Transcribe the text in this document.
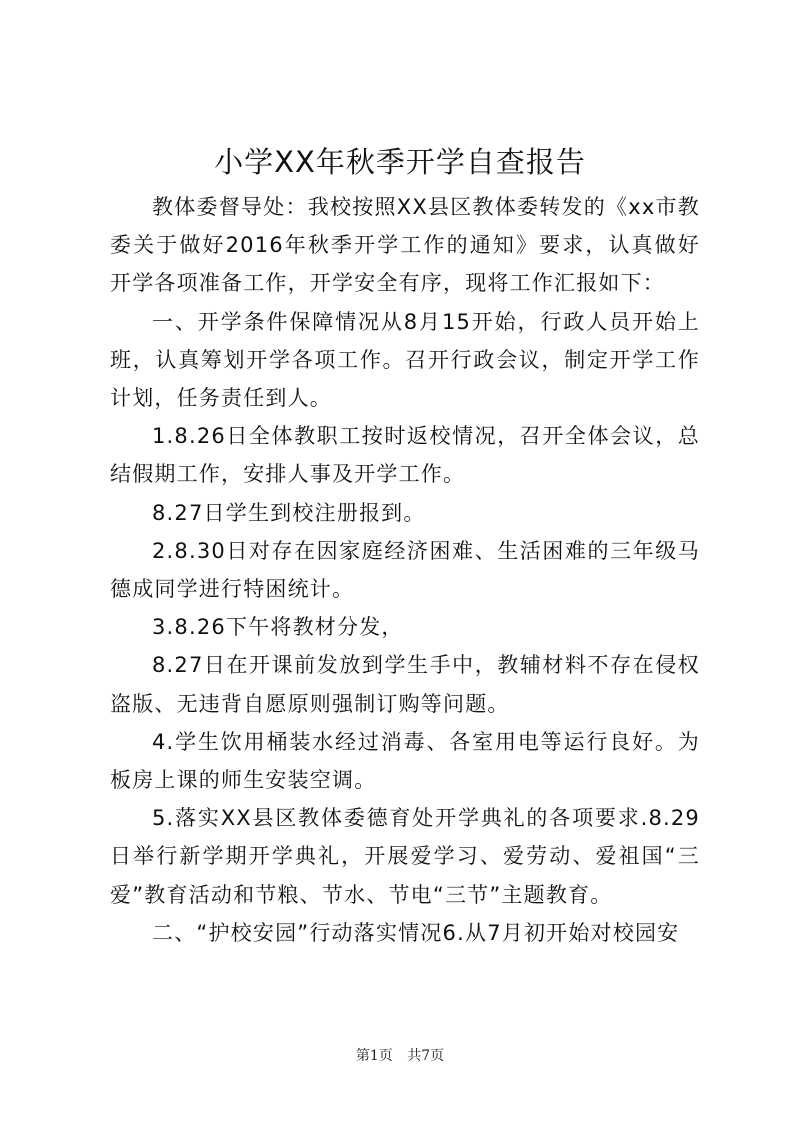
小学XX年秋季开学自查报告

教体委督导处：我校按照XX县区教体委转发的《xx市教委关于做好2016年秋季开学工作的通知》要求，认真做好开学各项准备工作，开学安全有序，现将工作汇报如下：

一、开学条件保障情况从8月15开始，行政人员开始上班，认真筹划开学各项工作。召开行政会议，制定开学工作计划，任务责任到人。

1.8.26日全体教职工按时返校情况，召开全体会议，总结假期工作，安排人事及开学工作。

8.27日学生到校注册报到。

2.8.30日对存在因家庭经济困难、生活困难的三年级马德成同学进行特困统计。

3.8.26下午将教材分发，

8.27日在开课前发放到学生手中，教辅材料不存在侵权盗版、无违背自愿原则强制订购等问题。

4.学生饮用桶装水经过消毒、各室用电等运行良好。为板房上课的师生安装空调。

5.落实XX县区教体委德育处开学典礼的各项要求.8.29日举行新学期开学典礼，开展爱学习、爱劳动、爱祖国“三爱”教育活动和节粮、节水、节电“三节”主题教育。

二、“护校安园”行动落实情况6.从7月初开始对校园安

第1页 共7页
